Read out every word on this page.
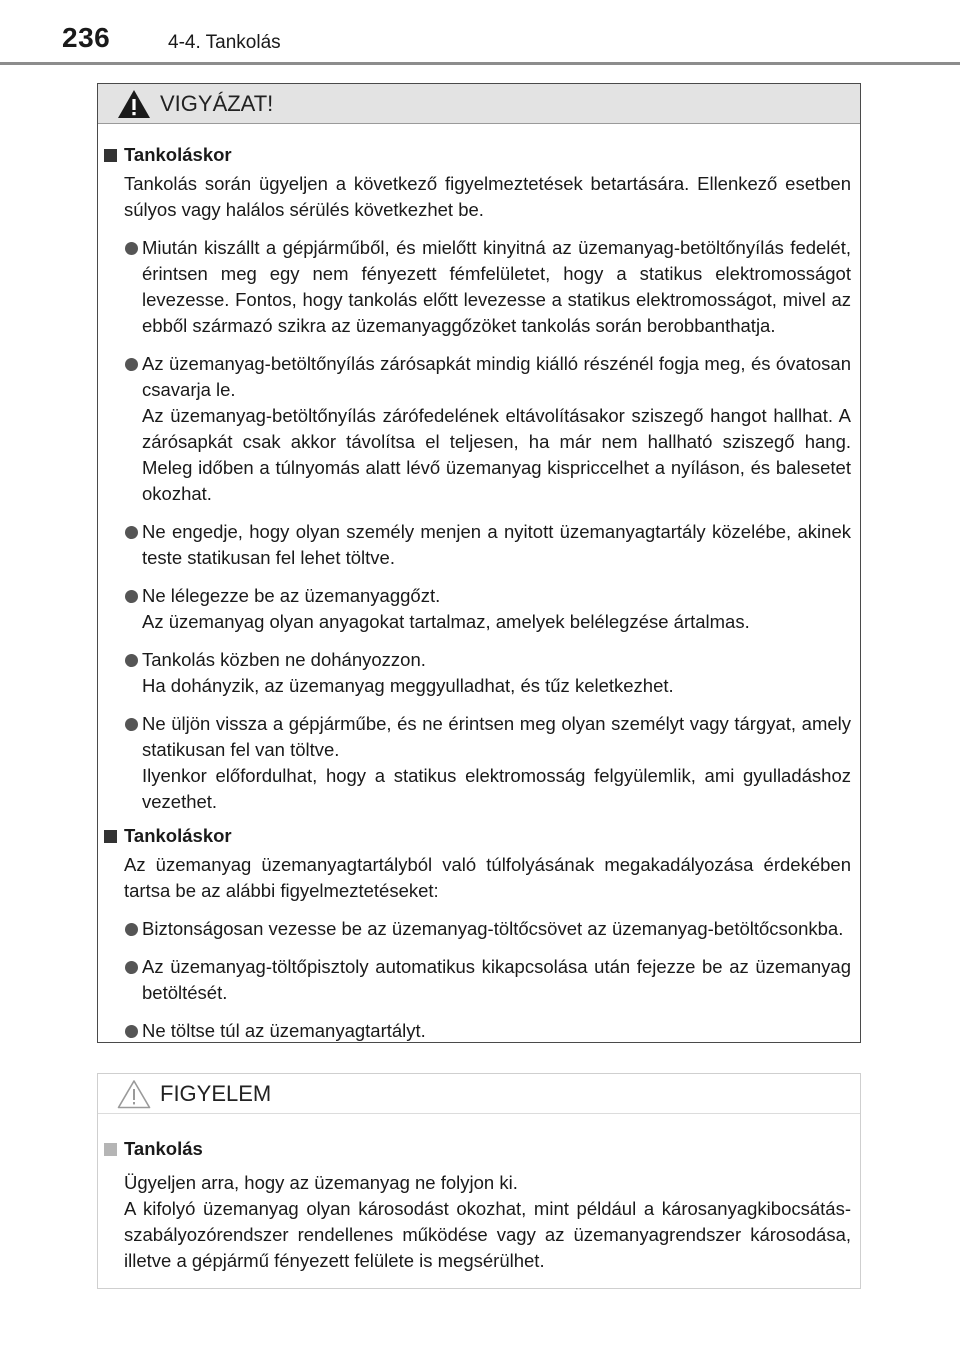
236	4-4. Tankolás
VIGYÁZAT!
Tankoláskor
Tankolás során ügyeljen a következő figyelmeztetések betartására. Ellenkező esetben súlyos vagy halálos sérülés következhet be.
Miután kiszállt a gépjárműből, és mielőtt kinyitná az üzemanyag-betöltőnyílás fedelét, érintsen meg egy nem fényezett fémfelületet, hogy a statikus elektromosságot levezesse. Fontos, hogy tankolás előtt levezesse a statikus elektromosságot, mivel az ebből származó szikra az üzemanyaggőzöket tankolás során berobbanthatja.
Az üzemanyag-betöltőnyílás zárósapkát mindig kiálló részénél fogja meg, és óvatosan csavarja le.
Az üzemanyag-betöltőnyílás zárófedelének eltávolításakor sziszegő hangot hallhat. A zárósapkát csak akkor távolítsa el teljesen, ha már nem hallható sziszegő hang. Meleg időben a túlnyomás alatt lévő üzemanyag kispriccelhet a nyíláson, és balesetet okozhat.
Ne engedje, hogy olyan személy menjen a nyitott üzemanyagtartály közelébe, akinek teste statikusan fel lehet töltve.
Ne lélegezze be az üzemanyaggőzt.
Az üzemanyag olyan anyagokat tartalmaz, amelyek belélegzése ártalmas.
Tankolás közben ne dohányozzon.
Ha dohányzik, az üzemanyag meggyulladhat, és tűz keletkezhet.
Ne üljön vissza a gépjárműbe, és ne érintsen meg olyan személyt vagy tárgyat, amely statikusan fel van töltve.
Ilyenkor előfordulhat, hogy a statikus elektromosság felgyülemlik, ami gyulladáshoz vezethet.
Tankoláskor
Az üzemanyag üzemanyagtartályból való túlfolyásának megakadályozása érdekében tartsa be az alábbi figyelmeztetéseket:
Biztonságosan vezesse be az üzemanyag-töltőcsövet az üzemanyag-betöltőcsonkba.
Az üzemanyag-töltőpisztoly automatikus kikapcsolása után fejezze be az üzemanyag betöltését.
Ne töltse túl az üzemanyagtartályt.
FIGYELEM
Tankolás
Ügyeljen arra, hogy az üzemanyag ne folyjon ki.
A kifolyó üzemanyag olyan károsodást okozhat, mint például a károsanyagkibocsátás-szabályozórendszer rendellenes működése vagy az üzemanyagrendszer károsodása, illetve a gépjármű fényezett felülete is megsérülhet.
